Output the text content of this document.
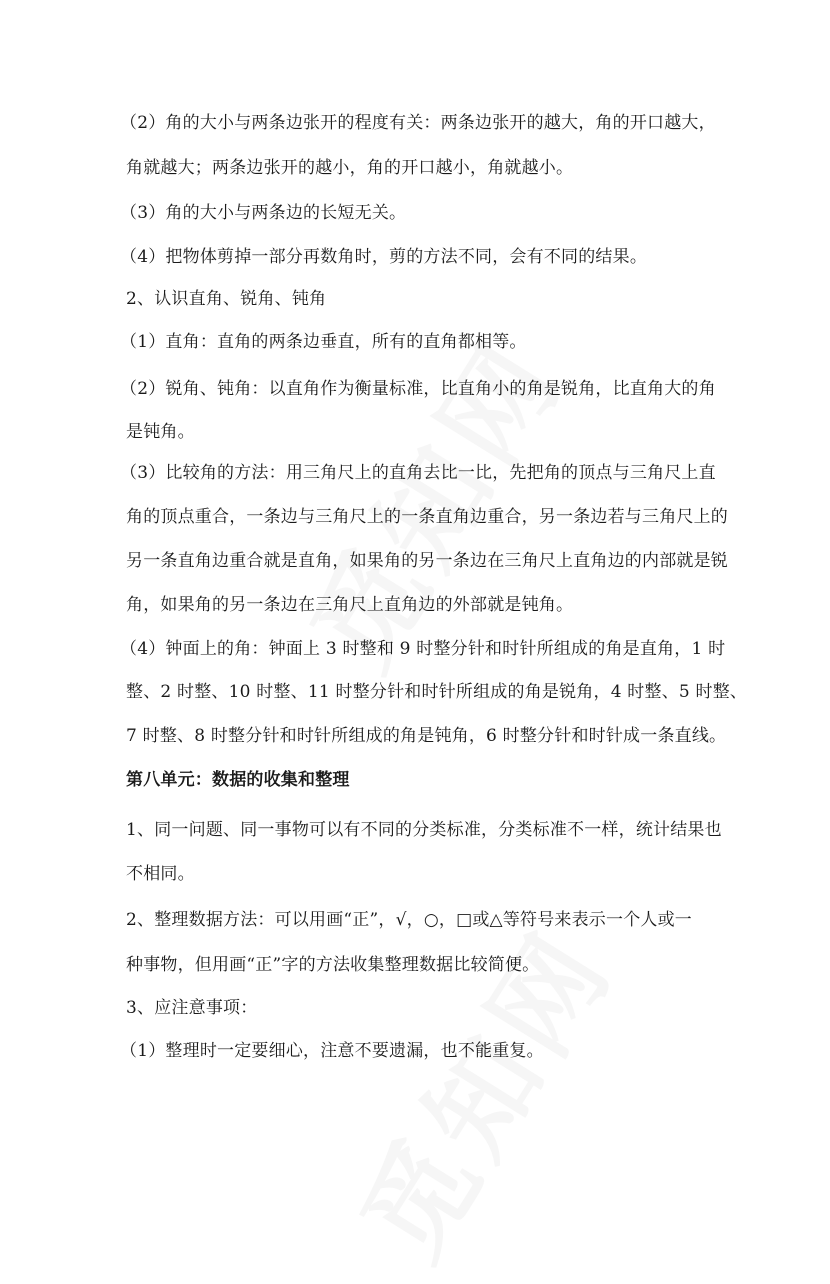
（2）角的大小与两条边张开的程度有关：两条边张开的越大，角的开口越大，
角就越大；两条边张开的越小，角的开口越小，角就越小。
（3）角的大小与两条边的长短无关。
（4）把物体剪掉一部分再数角时，剪的方法不同，会有不同的结果。
2、认识直角、锐角、钝角
（1）直角：直角的两条边垂直，所有的直角都相等。
（2）锐角、钝角：以直角作为衡量标准，比直角小的角是锐角，比直角大的角
是钝角。
（3）比较角的方法：用三角尺上的直角去比一比，先把角的顶点与三角尺上直
角的顶点重合，一条边与三角尺上的一条直角边重合，另一条边若与三角尺上的
另一条直角边重合就是直角，如果角的另一条边在三角尺上直角边的内部就是锐
角，如果角的另一条边在三角尺上直角边的外部就是钝角。
（4）钟面上的角：钟面上 3 时整和 9 时整分针和时针所组成的角是直角，1 时
整、2 时整、10 时整、11 时整分针和时针所组成的角是锐角，4 时整、5 时整、
7 时整、8 时整分针和时针所组成的角是钝角，6 时整分针和时针成一条直线。
第八单元：数据的收集和整理
1、同一问题、同一事物可以有不同的分类标准，分类标准不一样，统计结果也
不相同。
2、整理数据方法：可以用画“正”，√，○，□或△等符号来表示一个人或一
种事物，但用画“正”字的方法收集整理数据比较简便。
3、应注意事项：
（1）整理时一定要细心，注意不要遗漏，也不能重复。
